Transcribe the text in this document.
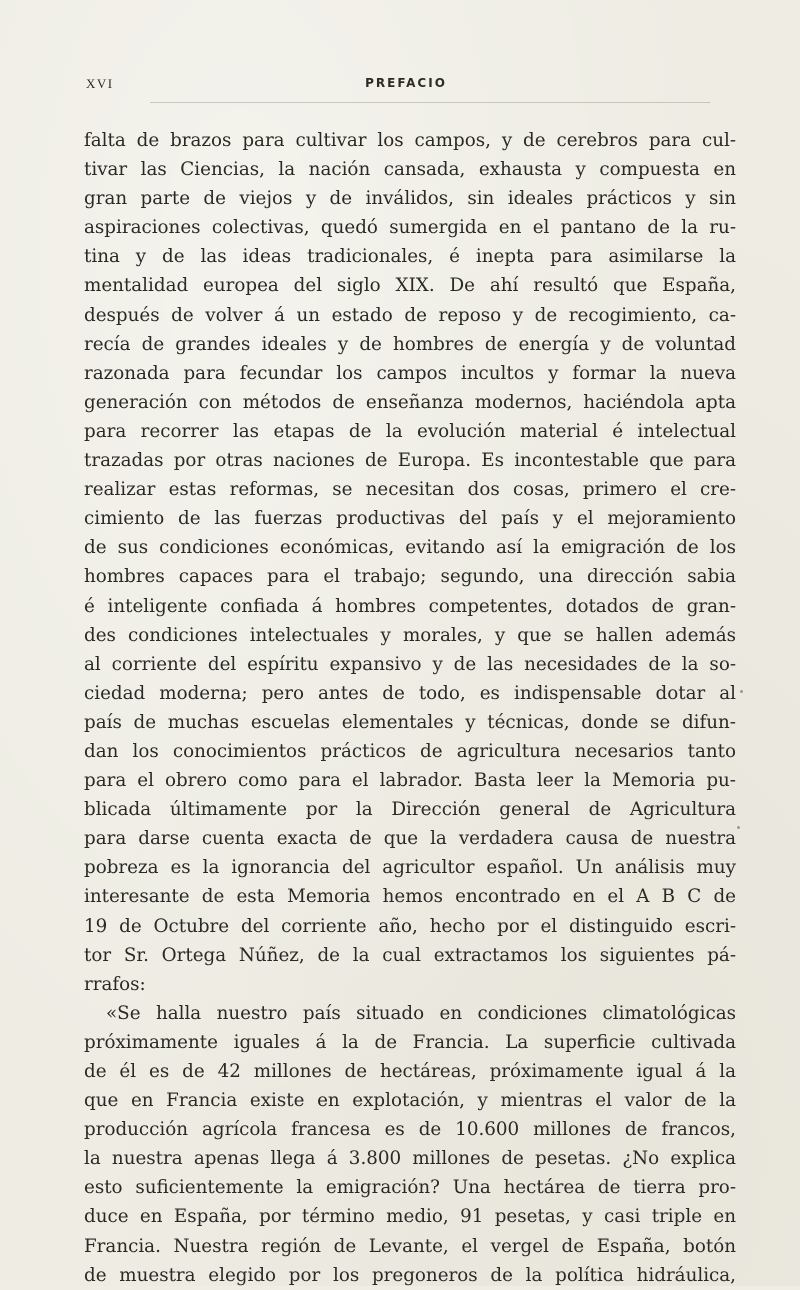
XVI	PREFACIO
falta de brazos para cultivar los campos, y de cerebros para cul-
tivar las Ciencias, la nación cansada, exhausta y compuesta en
gran parte de viejos y de inválidos, sin ideales prácticos y sin
aspiraciones colectivas, quedó sumergida en el pantano de la ru-
tina y de las ideas tradicionales, é inepta para asimilarse la
mentalidad europea del siglo XIX. De ahí resultó que España,
después de volver á un estado de reposo y de recogimiento, ca-
recía de grandes ideales y de hombres de energía y de voluntad
razonada para fecundar los campos incultos y formar la nueva
generación con métodos de enseñanza modernos, haciéndola apta
para recorrer las etapas de la evolución material é intelectual
trazadas por otras naciones de Europa. Es incontestable que para
realizar estas reformas, se necesitan dos cosas, primero el cre-
cimiento de las fuerzas productivas del país y el mejoramiento
de sus condiciones económicas, evitando así la emigración de los
hombres capaces para el trabajo; segundo, una dirección sabia
é inteligente confiada á hombres competentes, dotados de gran-
des condiciones intelectuales y morales, y que se hallen además
al corriente del espíritu expansivo y de las necesidades de la so-
ciedad moderna; pero antes de todo, es indispensable dotar al
país de muchas escuelas elementales y técnicas, donde se difun-
dan los conocimientos prácticos de agricultura necesarios tanto
para el obrero como para el labrador. Basta leer la Memoria pu-
blicada últimamente por la Dirección general de Agricultura
para darse cuenta exacta de que la verdadera causa de nuestra
pobreza es la ignorancia del agricultor español. Un análisis muy
interesante de esta Memoria hemos encontrado en el A B C de
19 de Octubre del corriente año, hecho por el distinguido escri-
tor Sr. Ortega Núñez, de la cual extractamos los siguientes pá-
rrafos:
«Se halla nuestro país situado en condiciones climatológicas
próximamente iguales á la de Francia. La superficie cultivada
de él es de 42 millones de hectáreas, próximamente igual á la
que en Francia existe en explotación, y mientras el valor de la
producción agrícola francesa es de 10.600 millones de francos,
la nuestra apenas llega á 3.800 millones de pesetas. ¿No explica
esto suficientemente la emigración? Una hectárea de tierra pro-
duce en España, por término medio, 91 pesetas, y casi triple en
Francia. Nuestra región de Levante, el vergel de España, botón
de muestra elegido por los pregoneros de la política hidráulica,
